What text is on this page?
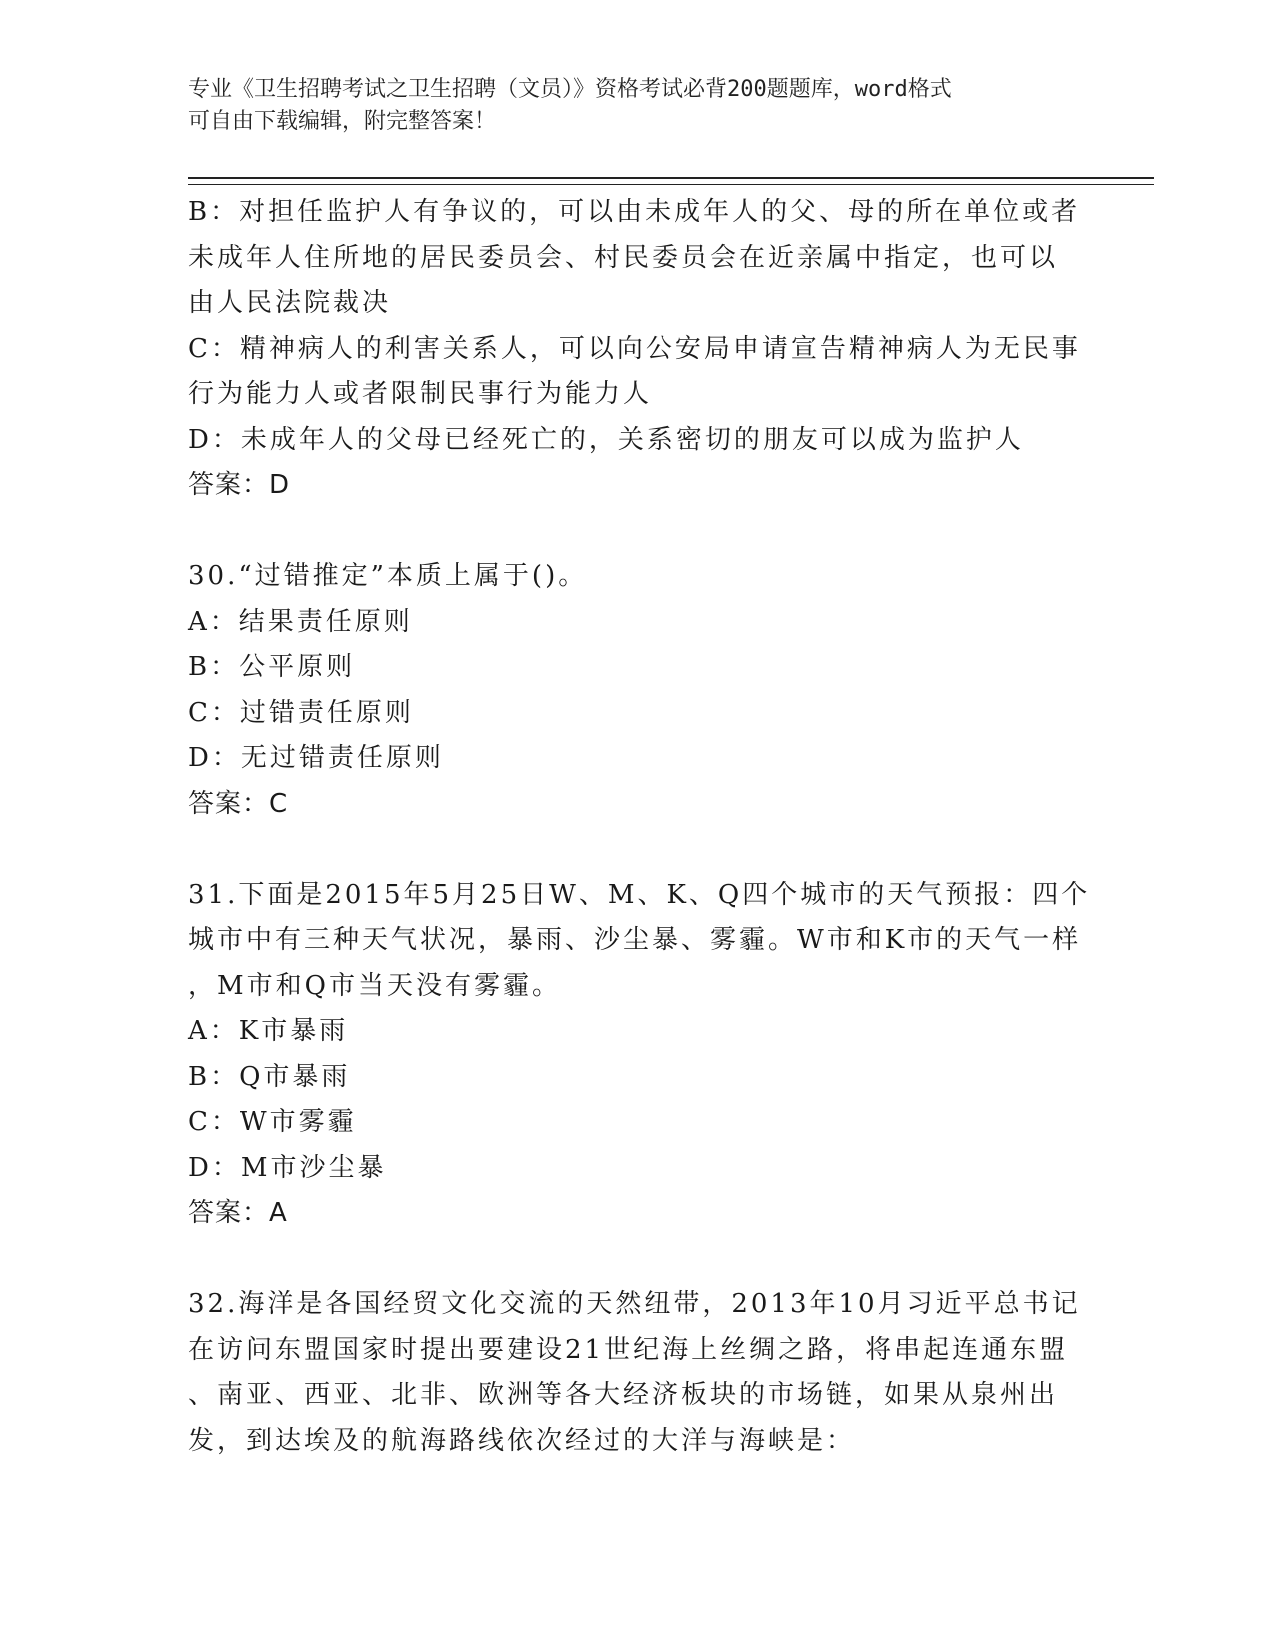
专业《卫生招聘考试之卫生招聘（文员）》资格考试必背200题题库，word格式
可自由下载编辑，附完整答案！
B：对担任监护人有争议的，可以由未成年人的父、母的所在单位或者
未成年人住所地的居民委员会、村民委员会在近亲属中指定，也可以
由人民法院裁决
C：精神病人的利害关系人，可以向公安局申请宣告精神病人为无民事
行为能力人或者限制民事行为能力人
D：未成年人的父母已经死亡的，关系密切的朋友可以成为监护人
答案：D
30.“过错推定”本质上属于()。
A：结果责任原则
B：公平原则
C：过错责任原则
D：无过错责任原则
答案：C
31.下面是2015年5月25日W、M、K、Q四个城市的天气预报：四个
城市中有三种天气状况，暴雨、沙尘暴、雾霾。W市和K市的天气一样
，M市和Q市当天没有雾霾。
A：K市暴雨
B：Q市暴雨
C：W市雾霾
D：M市沙尘暴
答案：A
32.海洋是各国经贸文化交流的天然纽带，2013年10月习近平总书记
在访问东盟国家时提出要建设21世纪海上丝绸之路，将串起连通东盟
、南亚、西亚、北非、欧洲等各大经济板块的市场链，如果从泉州出
发，到达埃及的航海路线依次经过的大洋与海峡是：
